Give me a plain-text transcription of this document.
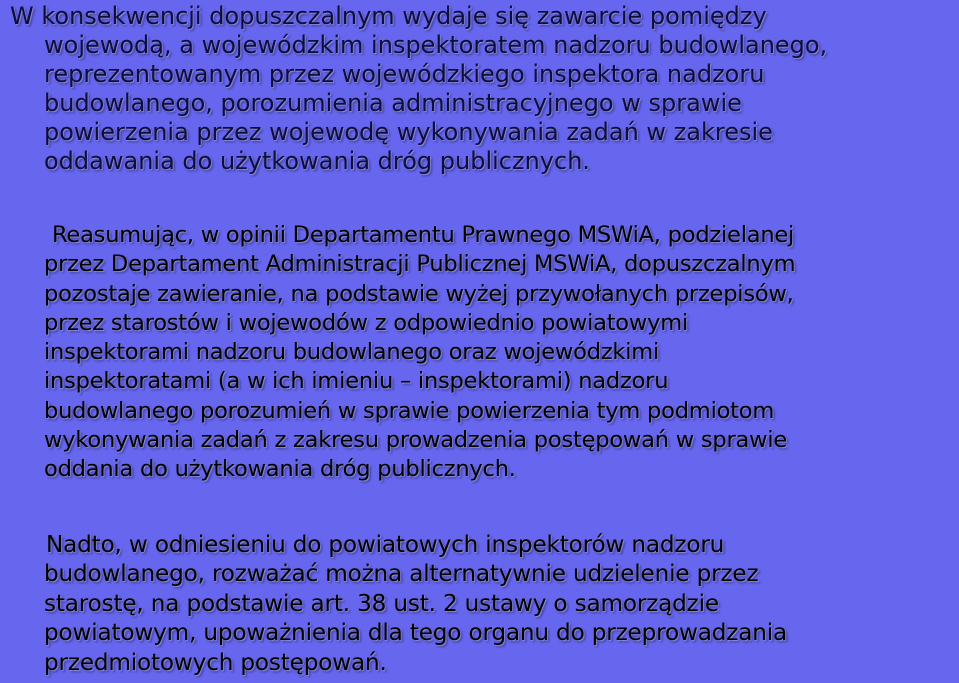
W konsekwencji dopuszczalnym wydaje się zawarcie pomiędzy
wojewodą, a wojewódzkim inspektoratem nadzoru budowlanego,
reprezentowanym przez wojewódzkiego inspektora nadzoru
budowlanego, porozumienia administracyjnego w sprawie
powierzenia przez wojewodę wykonywania zadań w zakresie
oddawania do użytkowania dróg publicznych.
Reasumując, w opinii Departamentu Prawnego MSWiA, podzielanej
przez Departament Administracji Publicznej MSWiA, dopuszczalnym
pozostaje zawieranie, na podstawie wyżej przywołanych przepisów,
przez starostów i wojewodów z odpowiednio powiatowymi
inspektorami nadzoru budowlanego oraz wojewódzkimi
inspektoratami (a w ich imieniu – inspektorami) nadzoru
budowlanego porozumień w sprawie powierzenia tym podmiotom
wykonywania zadań z zakresu prowadzenia postępowań w sprawie
oddania do użytkowania dróg publicznych.
Nadto, w odniesieniu do powiatowych inspektorów nadzoru
budowlanego, rozważać można alternatywnie udzielenie przez
starostę, na podstawie art. 38 ust. 2 ustawy o samorządzie
powiatowym, upoważnienia dla tego organu do przeprowadzania
przedmiotowych postępowań.
